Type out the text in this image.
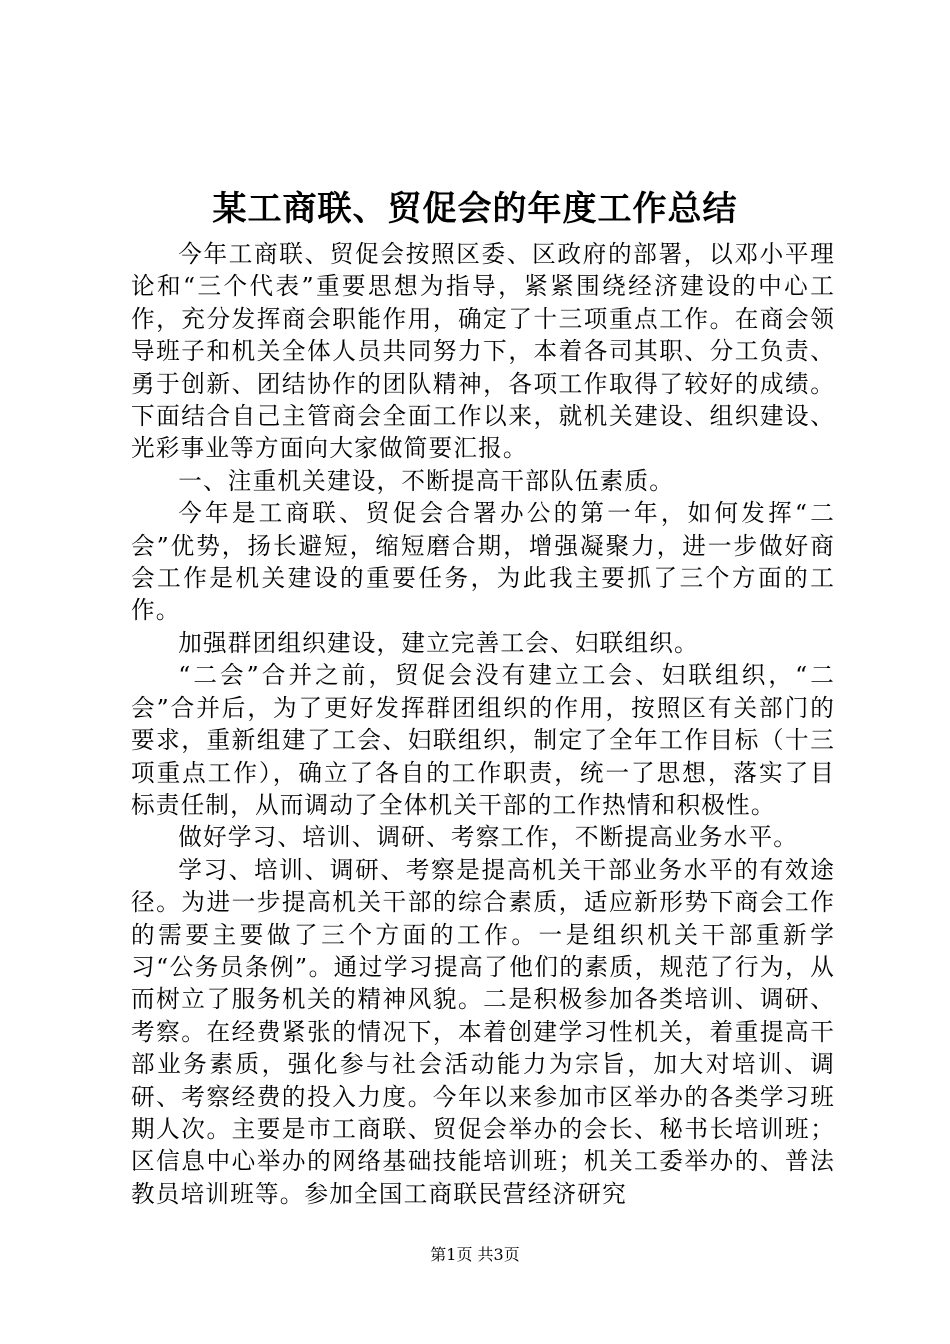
某工商联、贸促会的年度工作总结

今年工商联、贸促会按照区委、区政府的部署，以邓小平理论和“三个代表”重要思想为指导，紧紧围绕经济建设的中心工作，充分发挥商会职能作用，确定了十三项重点工作。在商会领导班子和机关全体人员共同努力下，本着各司其职、分工负责、勇于创新、团结协作的团队精神，各项工作取得了较好的成绩。下面结合自己主管商会全面工作以来，就机关建设、组织建设、光彩事业等方面向大家做简要汇报。

一、注重机关建设，不断提高干部队伍素质。

今年是工商联、贸促会合署办公的第一年，如何发挥“二会”优势，扬长避短，缩短磨合期，增强凝聚力，进一步做好商会工作是机关建设的重要任务，为此我主要抓了三个方面的工作。

加强群团组织建设，建立完善工会、妇联组织。

“二会”合并之前，贸促会没有建立工会、妇联组织，“二会”合并后，为了更好发挥群团组织的作用，按照区有关部门的要求，重新组建了工会、妇联组织，制定了全年工作目标（十三项重点工作），确立了各自的工作职责，统一了思想，落实了目标责任制，从而调动了全体机关干部的工作热情和积极性。

做好学习、培训、调研、考察工作，不断提高业务水平。

学习、培训、调研、考察是提高机关干部业务水平的有效途径。为进一步提高机关干部的综合素质，适应新形势下商会工作的需要主要做了三个方面的工作。一是组织机关干部重新学习“公务员条例”。通过学习提高了他们的素质，规范了行为，从而树立了服务机关的精神风貌。二是积极参加各类培训、调研、考察。在经费紧张的情况下，本着创建学习性机关，着重提高干部业务素质，强化参与社会活动能力为宗旨，加大对培训、调研、考察经费的投入力度。今年以来参加市区举办的各类学习班期人次。主要是市工商联、贸促会举办的会长、秘书长培训班；区信息中心举办的网络基础技能培训班；机关工委举办的、普法教员培训班等。参加全国工商联民营经济研究

第1页 共3页
